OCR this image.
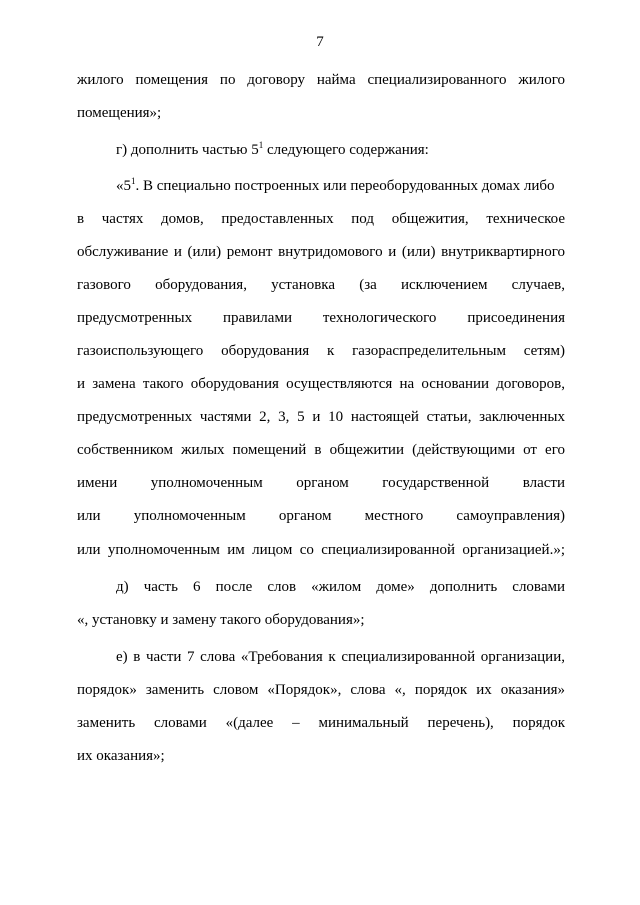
7
жилого помещения по договору найма специализированного жилого
помещения»;
г) дополнить частью $5^1$ следующего содержания:
«$5^1$. В специально построенных или переоборудованных домах либо
в частях домов, предоставленных под общежития, техническое
обслуживание и (или) ремонт внутридомового и (или) внутриквартирного
газового оборудования, установка (за исключением случаев,
предусмотренных правилами технологического присоединения
газоиспользующего оборудования к газораспределительным сетям)
и замена такого оборудования осуществляются на основании договоров,
предусмотренных частями 2, 3, 5 и 10 настоящей статьи, заключенных
собственником жилых помещений в общежитии (действующими от его
имени уполномоченным органом государственной власти
или уполномоченным органом местного самоуправления)
или уполномоченным им лицом со специализированной организацией.»;
д) часть 6 после слов «жилом доме» дополнить словами
«, установку и замену такого оборудования»;
е) в части 7 слова «Требования к специализированной организации,
порядок» заменить словом «Порядок», слова «, порядок их оказания»
заменить словами «(далее – минимальный перечень), порядок
их оказания»;
